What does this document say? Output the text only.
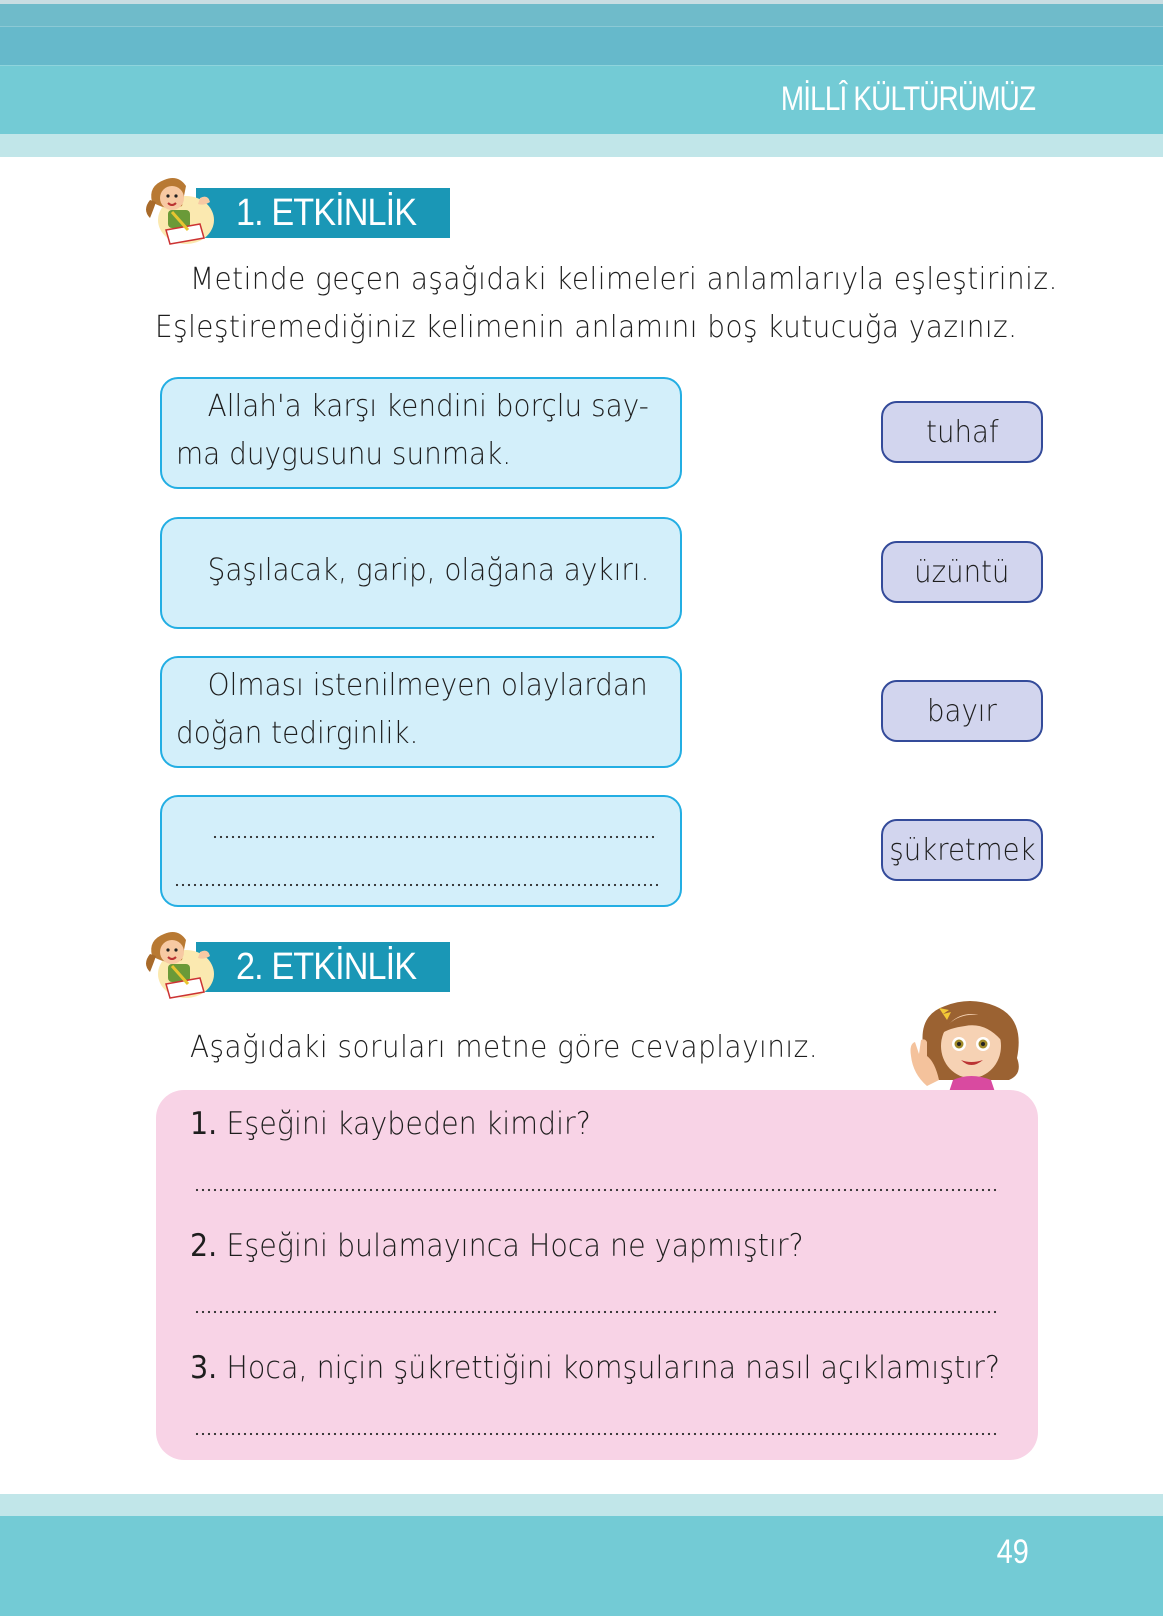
MİLLÎ KÜLTÜRÜMÜZ
1. ETKİNLİK
Metinde geçen aşağıdaki kelimeleri anlamlarıyla eşleştiriniz.
Eşleştiremediğiniz kelimenin anlamını boş kutucuğa yazınız.
Allah'a karşı kendini borçlu say-
ma duygusunu sunmak.
Şaşılacak, garip, olağana aykırı.
Olması istenilmeyen olaylardan
doğan tedirginlik.
tuhaf
üzüntü
bayır
şükretmek
2. ETKİNLİK
Aşağıdaki soruları metne göre cevaplayınız.
1. Eşeğini kaybeden kimdir?
2. Eşeğini bulamayınca Hoca ne yapmıştır?
3. Hoca, niçin şükrettiğini komşularına nasıl açıklamıştır?
49
